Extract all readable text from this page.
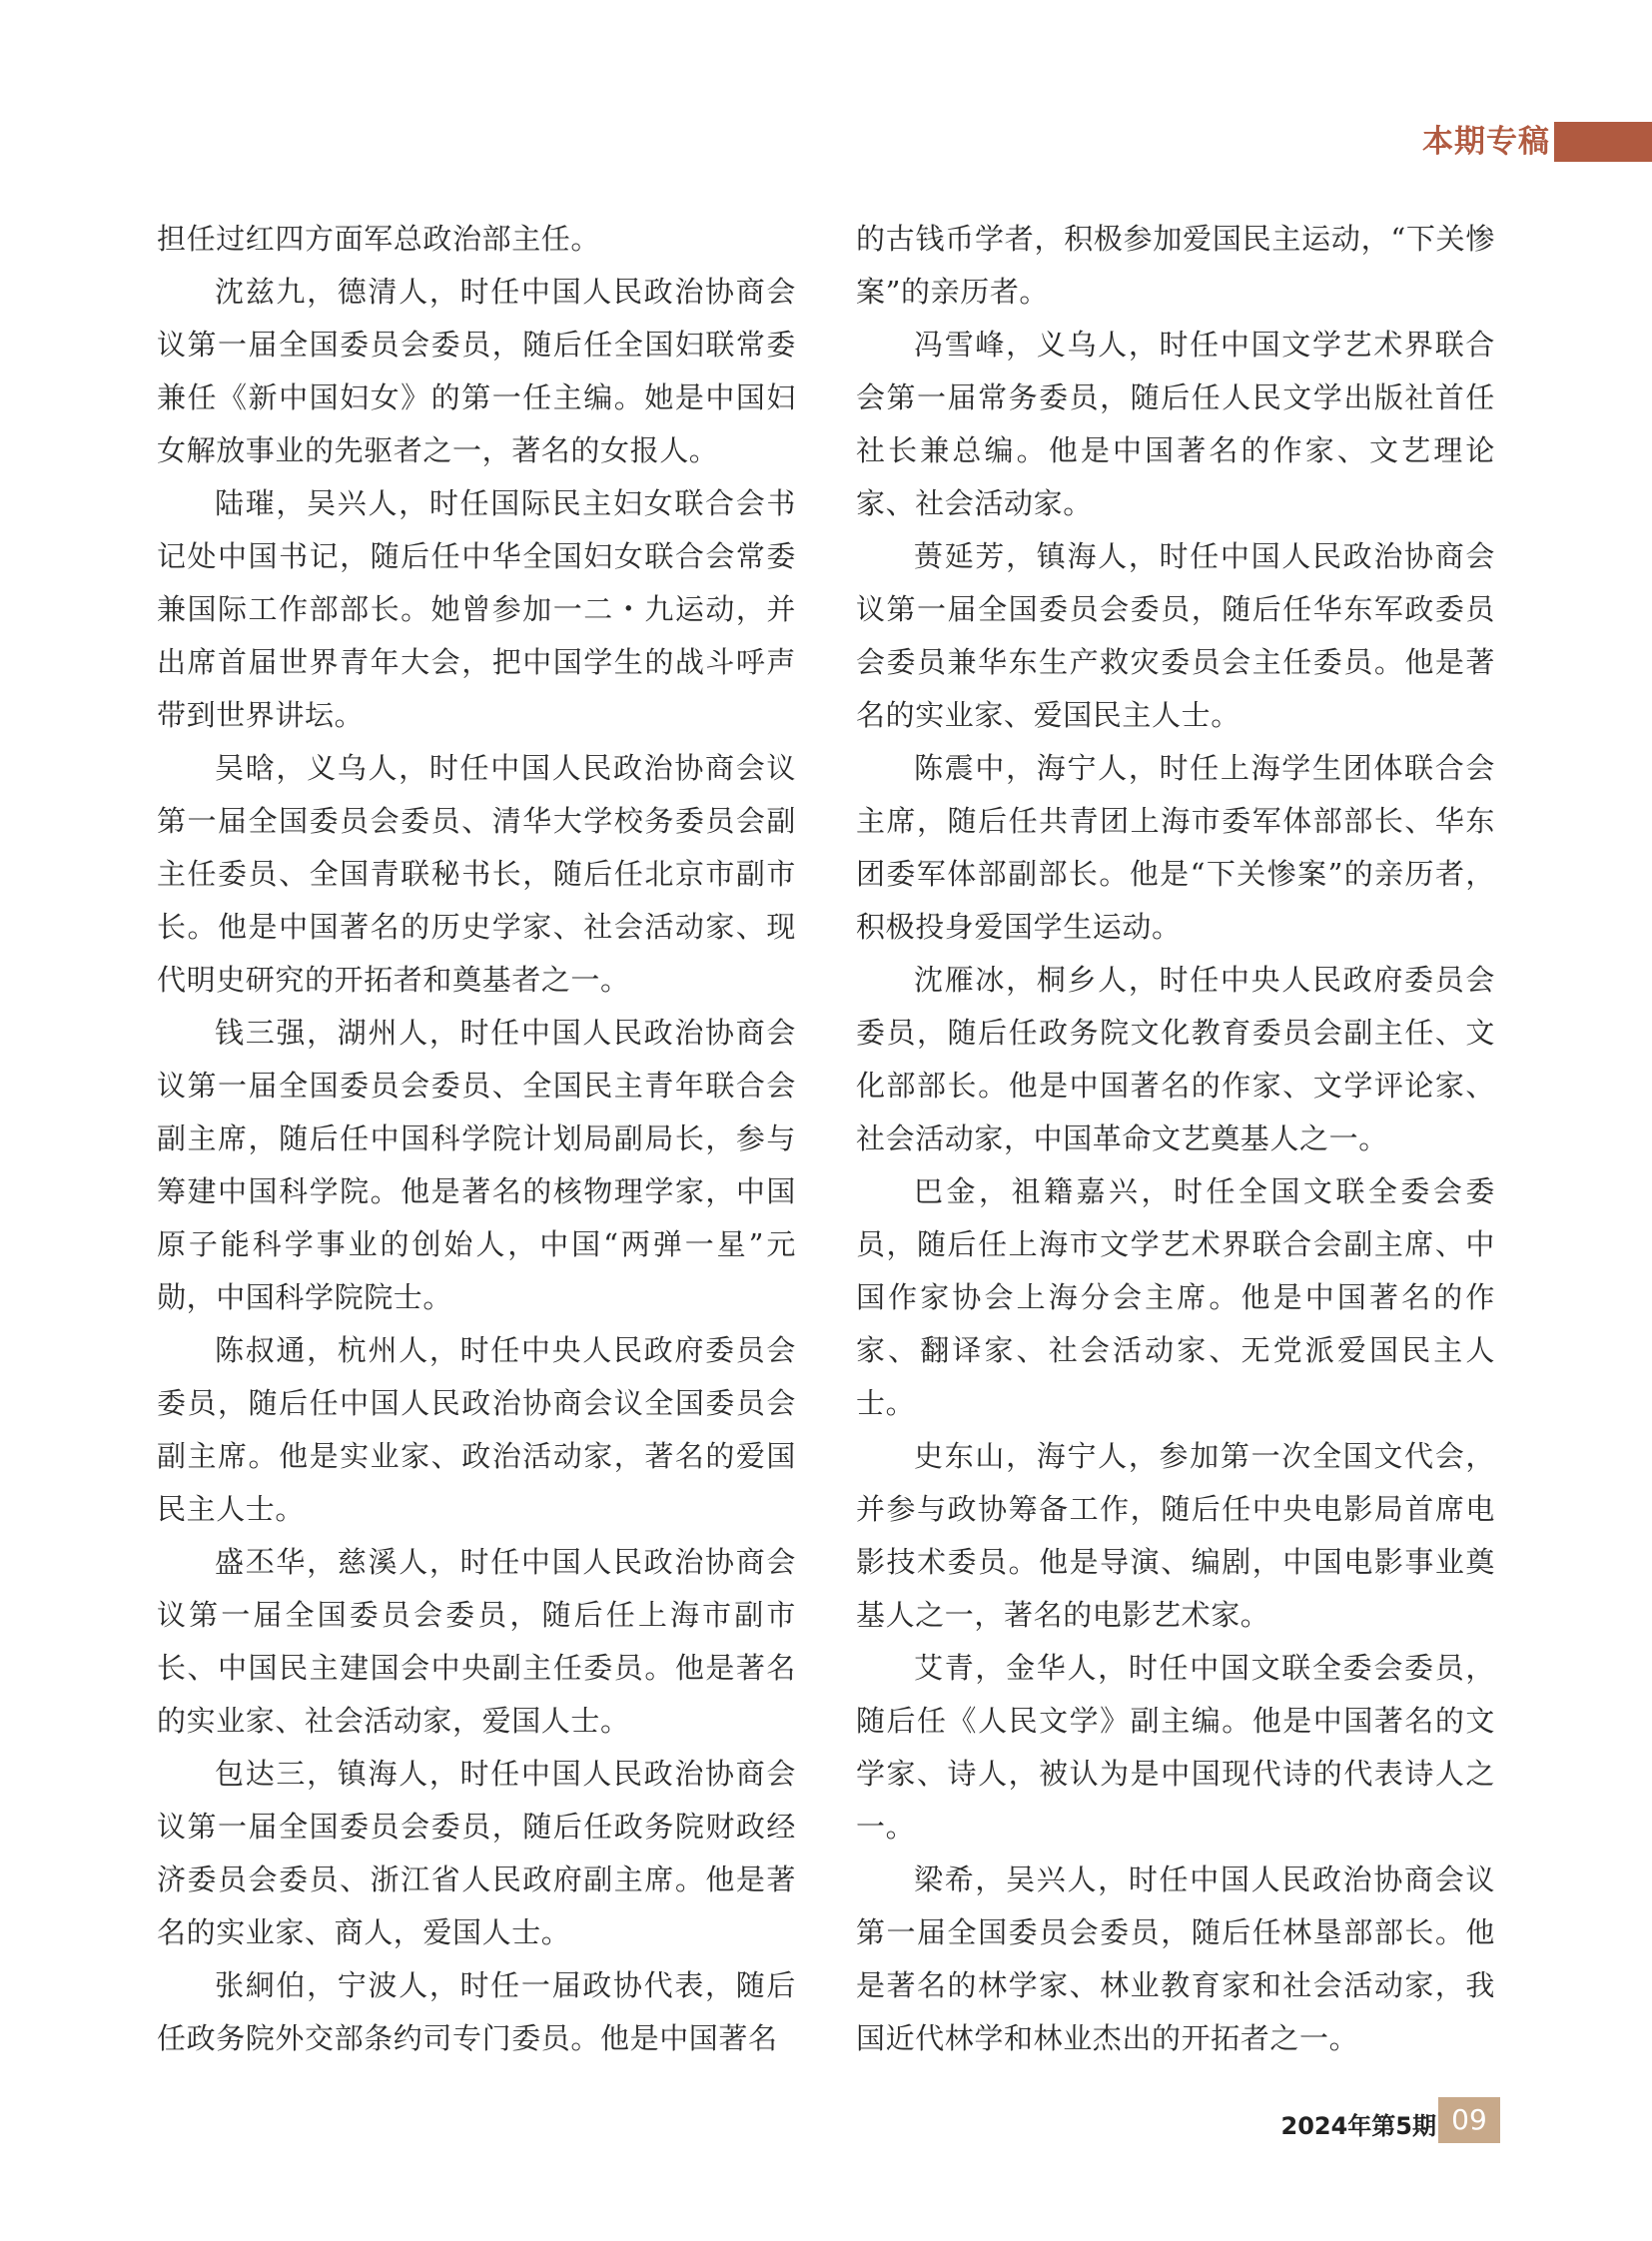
本期专稿

担任过红四方面军总政治部主任。

沈兹九，德清人，时任中国人民政治协商会议第一届全国委员会委员，随后任全国妇联常委兼任《新中国妇女》的第一任主编。她是中国妇女解放事业的先驱者之一，著名的女报人。

陆璀，吴兴人，时任国际民主妇女联合会书记处中国书记，随后任中华全国妇女联合会常委兼国际工作部部长。她曾参加一二・九运动，并出席首届世界青年大会，把中国学生的战斗呼声带到世界讲坛。

吴晗，义乌人，时任中国人民政治协商会议第一届全国委员会委员、清华大学校务委员会副主任委员、全国青联秘书长，随后任北京市副市长。他是中国著名的历史学家、社会活动家、现代明史研究的开拓者和奠基者之一。

钱三强，湖州人，时任中国人民政治协商会议第一届全国委员会委员、全国民主青年联合会副主席，随后任中国科学院计划局副局长，参与筹建中国科学院。他是著名的核物理学家，中国原子能科学事业的创始人，中国“两弹一星”元勋，中国科学院院士。

陈叔通，杭州人，时任中央人民政府委员会委员，随后任中国人民政治协商会议全国委员会副主席。他是实业家、政治活动家，著名的爱国民主人士。

盛丕华，慈溪人，时任中国人民政治协商会议第一届全国委员会委员，随后任上海市副市长、中国民主建国会中央副主任委员。他是著名的实业家、社会活动家，爱国人士。

包达三，镇海人，时任中国人民政治协商会议第一届全国委员会委员，随后任政务院财政经济委员会委员、浙江省人民政府副主席。他是著名的实业家、商人，爱国人士。

张絅伯，宁波人，时任一届政协代表，随后任政务院外交部条约司专门委员。他是中国著名

的古钱币学者，积极参加爱国民主运动，“下关惨案”的亲历者。

冯雪峰，义乌人，时任中国文学艺术界联合会第一届常务委员，随后任人民文学出版社首任社长兼总编。他是中国著名的作家、文艺理论家、社会活动家。

蒉延芳，镇海人，时任中国人民政治协商会议第一届全国委员会委员，随后任华东军政委员会委员兼华东生产救灾委员会主任委员。他是著名的实业家、爱国民主人士。

陈震中，海宁人，时任上海学生团体联合会主席，随后任共青团上海市委军体部部长、华东团委军体部副部长。他是“下关惨案”的亲历者，积极投身爱国学生运动。

沈雁冰，桐乡人，时任中央人民政府委员会委员，随后任政务院文化教育委员会副主任、文化部部长。他是中国著名的作家、文学评论家、社会活动家，中国革命文艺奠基人之一。

巴金，祖籍嘉兴，时任全国文联全委会委员，随后任上海市文学艺术界联合会副主席、中国作家协会上海分会主席。他是中国著名的作家、翻译家、社会活动家、无党派爱国民主人士。

史东山，海宁人，参加第一次全国文代会，并参与政协筹备工作，随后任中央电影局首席电影技术委员。他是导演、编剧，中国电影事业奠基人之一，著名的电影艺术家。

艾青，金华人，时任中国文联全委会委员，随后任《人民文学》副主编。他是中国著名的文学家、诗人，被认为是中国现代诗的代表诗人之一。

梁希，吴兴人，时任中国人民政治协商会议第一届全国委员会委员，随后任林垦部部长。他是著名的林学家、林业教育家和社会活动家，我国近代林学和林业杰出的开拓者之一。

2024年第5期 09
